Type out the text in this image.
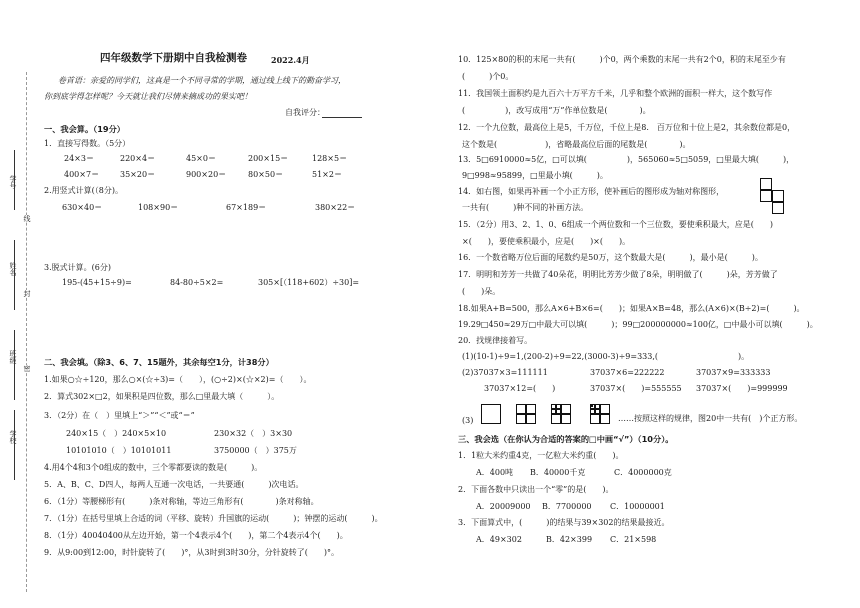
学号
线
姓名
封
班级
密
学校
四年级数学下册期中自我检测卷	2022.4月
卷首语：亲爱的同学们，这真是一个不同寻常的学期，通过线上线下的勤奋学习，
你到底学得怎样呢？今天就让我们尽情来摘成功的果实吧！
自我评分：
一、我会算。（19分）
1．直接写得数。（5分）
24×3＝	220×4＝	45×0＝	200×15＝	128×5＝
400×7＝	35×20＝	900×20＝	80×50＝	51×2＝
2.用竖式计算(（8分)。
630×40＝	108×90＝	67×189＝	380×22＝
3.脱式计算。(6分)
195-(45+15÷9)=	84-80÷5×2=	305×[（118+602）÷30]=
二、我会填。（除3、6、7、15题外，其余每空1分，计38分）
1.如果○☆÷120，那么○×(☆÷3)=（　　），(○÷2)×(☆×2)=（　　）。
2．算式302×□2，如果积是四位数，那么□里最大填（　　　）。
3．（2分）在（　）里填上“＞”“＜”或“＝”
240×15（　）240×5×10	230×32（　）3×30
10101010（　）10101011	3750000（　）375万
4.用4个4和3个0组成的数中，三个零都要读的数是(　　　)。
5．A、B、C、D四人，每两人互通一次电话，一共要通(　　　)次电话。
6．（1分）等腰梯形有(　　　)条对称轴，等边三角形有(　　　　)条对称轴。
7．（1分）在括号里填上合适的词（平移、旋转）升国旗的运动(　　　)；钟摆的运动(　　　)。
8．（1分）40040400从左边开始，第一个4表示4个(　　)，第二个4表示4个(　　)。
9．从9:00到12:00，时针旋转了(　　)°，从3时到3时30分，分针旋转了(　　)°。
10．125×80的积的末尾一共有(　　　)个0，两个乘数的末尾一共有2个0，积的末尾至少有
(　　　)个0。
11．我国领土面积约是九百六十万平方千米，几乎和整个欧洲的面积一样大，这个数写作
(　　　　　)，改写成用“万”作单位数是(　　　　)。
12．一个九位数，最高位上是5，千万位，千位上是8.　百万位和十位上是2，其余数位都是0，
这个数是(　　　　　　)，省略最高位后面的尾数是(　　　　)。
13．5□6910000≈5亿，□可以填(　　　　　)，565060≈5□5059，□里最大填(　　　)，
9□998≈95899，□里最小填(　　　)。
14．如右图，如果再补画一个小正方形，使补画后的图形成为轴对称图形，
一共有(　　　)种不同的补画方法。
15．（2分）用3、2、1、0、6组成一个两位数和一个三位数，要使乘积最大，应是(　　)
×(　　)，要使乘积最小，应是(　　)×(　　)。
16．一个数省略万位后面的尾数约是50万，这个数最大是(　　　)，最小是(　　　)。
17．明明和芳芳一共做了40朵花，明明比芳芳少做了8朵，明明做了(　　　)朵，芳芳做了
(　　)朵。
18.如果A+B=500，那么A×6+B×6=(　　)；如果A×B=48，那么(A×6)×(B÷2)=(　　　)。
19.29□450≈29万□中最大可以填(　　　)；99□200000000≈100亿，□中最小可以填(　　　)。
20．找规律接着写。
(1)(10-1)÷9=1,(200-2)÷9=22,(3000-3)÷9=333,(　　　　　　　　　　)。
(2)37037×3=111111	37037×6=222222	37037×9=333333
37037×12=(　　)	37037×(　　)=555555 37037×(　　)=999999
(3)	……按照这样的规律，图20中一共有(　)个正方形。
三、我会选（在你认为合适的答案的□中画“√”）（10分）。
1．1粒大米约重4克，一亿粒大米约重(　　)。
A．400吨 B．40000千克	C．4000000克
2．下面各数中只读出一个“零”的是(　　)。
A．20009000 B．7700000 C．10000001
3．下面算式中，(　　　)的结果与39×302的结果最接近。
A．49×302	B．42×399 C．21×598
